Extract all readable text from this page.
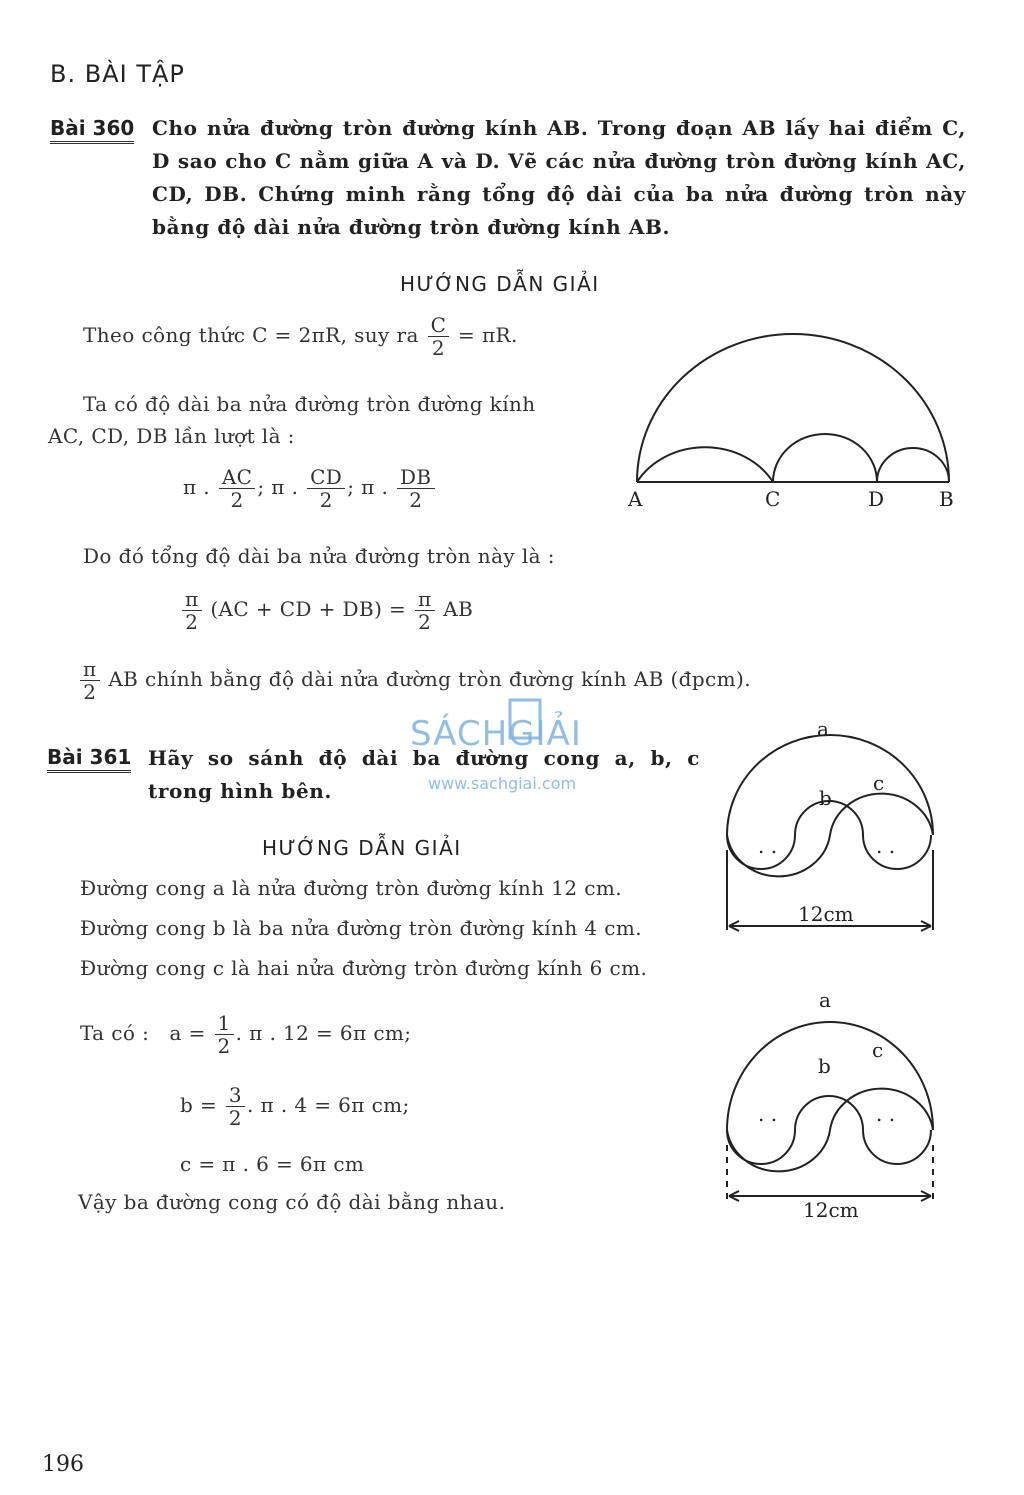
B. BÀI TẬP
Bài 360 Cho nửa đường tròn đường kính AB. Trong đoạn AB lấy hai điểm C, D sao cho C nằm giữa A và D. Vẽ các nửa đường tròn đường kính AC, CD, DB. Chứng minh rằng tổng độ dài của ba nửa đường tròn này bằng độ dài nửa đường tròn đường kính AB.
HƯỚNG DẪN GIẢI
Theo công thức C = 2πR, suy ra $\frac{C}{2} = \pi R$.
Ta có độ dài ba nửa đường tròn đường kính
AC, CD, DB lần lượt là :
π . $\frac{AC}{2}$ ; π . $\frac{CD}{2}$ ; π . $\frac{DB}{2}$
Do đó tổng độ dài ba nửa đường tròn này là :
$\frac{\pi}{2} (AC$ + CD + $DB) = \frac{\pi}{2}$ AB
$\frac{\pi}{2}$ AB chính bằng độ dài nửa đường tròn đường kính AB (đpcm).
A	C	D	B
SÁCHGIẢI
www.sachgiai.com
Bài 361 Hãy so sánh độ dài ba đường cong a, b, c trong hình bên.
HƯỚNG DẪN GIẢI
Đường cong a là nửa đường tròn đường kính 12 cm.
Đường cong b là ba nửa đường tròn đường kính 4 cm.
Đường cong c là hai nửa đường tròn đường kính 6 cm.
Ta có : $a = \frac{1}{2}$ . π . 12 = 6π cm;
$b = \frac{3}{2}$ . π . 4 = 6π cm;
c = π . 6 = 6π cm
Vậy ba đường cong có độ dài bằng nhau.
a
b
c
. .	. .
12cm
a
b
c
. .	. .
12cm
196
